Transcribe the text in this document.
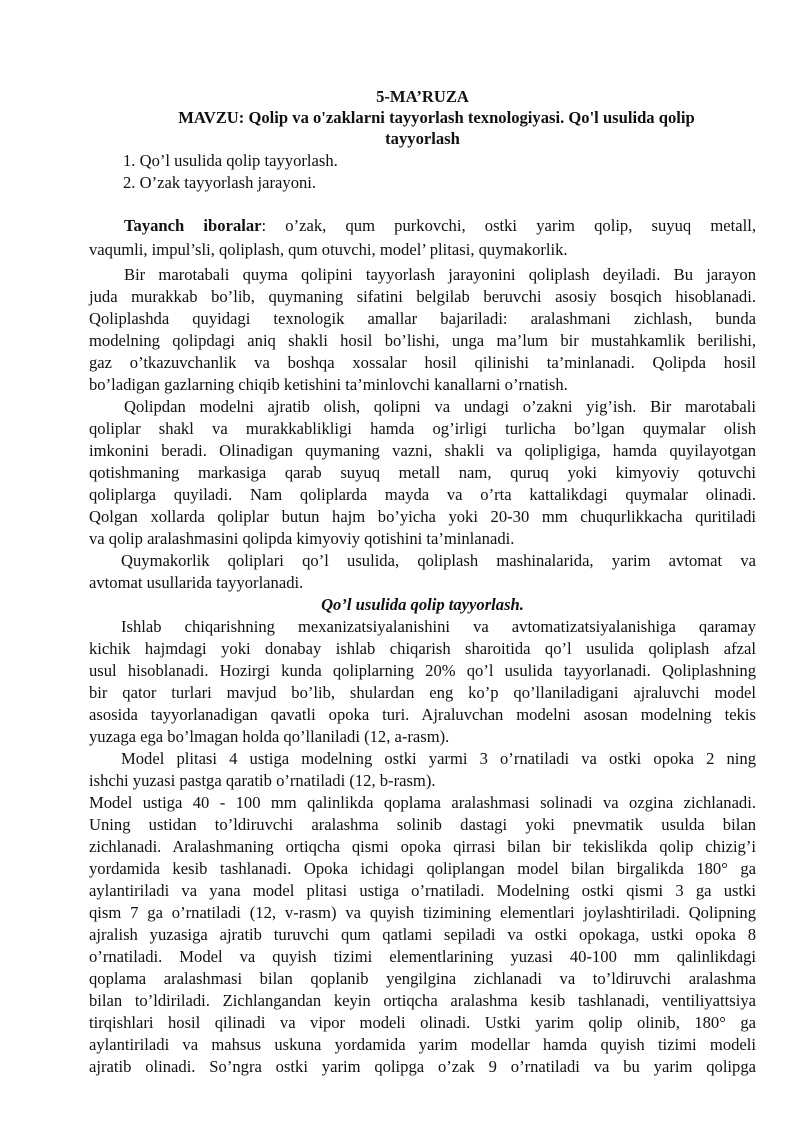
5-MA’RUZA
MAVZU: Qolip va o'zaklarni tayyorlash texnologiyasi. Qo'l usulida qolip
tayyorlash
1. Qo’l usulida qolip tayyorlash.
2. O’zak tayyorlash jarayoni.
Tayanch iboralar: o’zak, qum purkovchi, ostki yarim qolip, suyuq metall,
vaqumli, impul’sli, qoliplash, qum otuvchi, model’ plitasi, quymakorlik.
Bir marotabali quyma qolipini tayyorlash jarayonini qoliplash deyiladi. Bu jarayon
juda murakkab bo’lib, quymaning sifatini belgilab beruvchi asosiy bosqich hisoblanadi.
Qoliplashda quyidagi texnologik amallar bajariladi: aralashmani zichlash, bunda
modelning qolipdagi aniq shakli hosil bo’lishi, unga ma’lum bir mustahkamlik berilishi,
gaz o’tkazuvchanlik va boshqa xossalar hosil qilinishi ta’minlanadi. Qolipda hosil
bo’ladigan gazlarning chiqib ketishini ta’minlovchi kanallarni o’rnatish.
Qolipdan modelni ajratib olish, qolipni va undagi o’zakni yig’ish. Bir marotabali
qoliplar shakl va murakkablikligi hamda og’irligi turlicha bo’lgan quymalar olish
imkonini beradi. Olinadigan quymaning vazni, shakli va qolipligiga, hamda quyilayotgan
qotishmaning markasiga qarab suyuq metall nam, quruq yoki kimyoviy qotuvchi
qoliplarga quyiladi. Nam qoliplarda mayda va o’rta kattalikdagi quymalar olinadi.
Qolgan xollarda qoliplar butun hajm bo’yicha yoki 20-30 mm chuqurlikkacha quritiladi
va qolip aralashmasini qolipda kimyoviy qotishini ta’minlanadi.
Quymakorlik qoliplari qo’l usulida, qoliplash mashinalarida, yarim avtomat va
avtomat usullarida tayyorlanadi.
Qo’l usulida qolip tayyorlash.
Ishlab chiqarishning mexanizatsiyalanishini va avtomatizatsiyalanishiga qaramay
kichik hajmdagi yoki donabay ishlab chiqarish sharoitida qo’l usulida qoliplash afzal
usul hisoblanadi. Hozirgi kunda qoliplarning 20% qo’l usulida tayyorlanadi. Qoliplashning
bir qator turlari mavjud bo’lib, shulardan eng ko’p qo’llaniladigani ajraluvchi model
asosida tayyorlanadigan qavatli opoka turi. Ajraluvchan modelni asosan modelning tekis
yuzaga ega bo’lmagan holda qo’llaniladi (12, a-rasm).
Model plitasi 4 ustiga modelning ostki yarmi 3 o’rnatiladi va ostki opoka 2 ning
ishchi yuzasi pastga qaratib o’rnatiladi (12, b-rasm).
Model ustiga 40 - 100 mm qalinlikda qoplama aralashmasi solinadi va ozgina zichlanadi.
Uning ustidan to’ldiruvchi aralashma solinib dastagi yoki pnevmatik usulda bilan
zichlanadi. Aralashmaning ortiqcha qismi opoka qirrasi bilan bir tekislikda qolip chizig’i
yordamida kesib tashlanadi. Opoka ichidagi qoliplangan model bilan birgalikda 180° ga
aylantiriladi va yana model plitasi ustiga o’rnatiladi. Modelning ostki qismi 3 ga ustki
qism 7 ga o’rnatiladi (12, v-rasm) va quyish tizimining elementlari joylashtiriladi. Qolipning
ajralish yuzasiga ajratib turuvchi qum qatlami sepiladi va ostki opokaga, ustki opoka 8
o’rnatiladi. Model va quyish tizimi elementlarining yuzasi 40-100 mm qalinlikdagi
qoplama aralashmasi bilan qoplanib yengilgina zichlanadi va to’ldiruvchi aralashma
bilan to’ldiriladi. Zichlangandan keyin ortiqcha aralashma kesib tashlanadi, ventiliyattsiya
tirqishlari hosil qilinadi va vipor modeli olinadi. Ustki yarim qolip olinib, 180° ga
aylantiriladi va mahsus uskuna yordamida yarim modellar hamda quyish tizimi modeli
ajratib olinadi. So’ngra ostki yarim qolipga o’zak 9 o’rnatiladi va bu yarim qolipga
